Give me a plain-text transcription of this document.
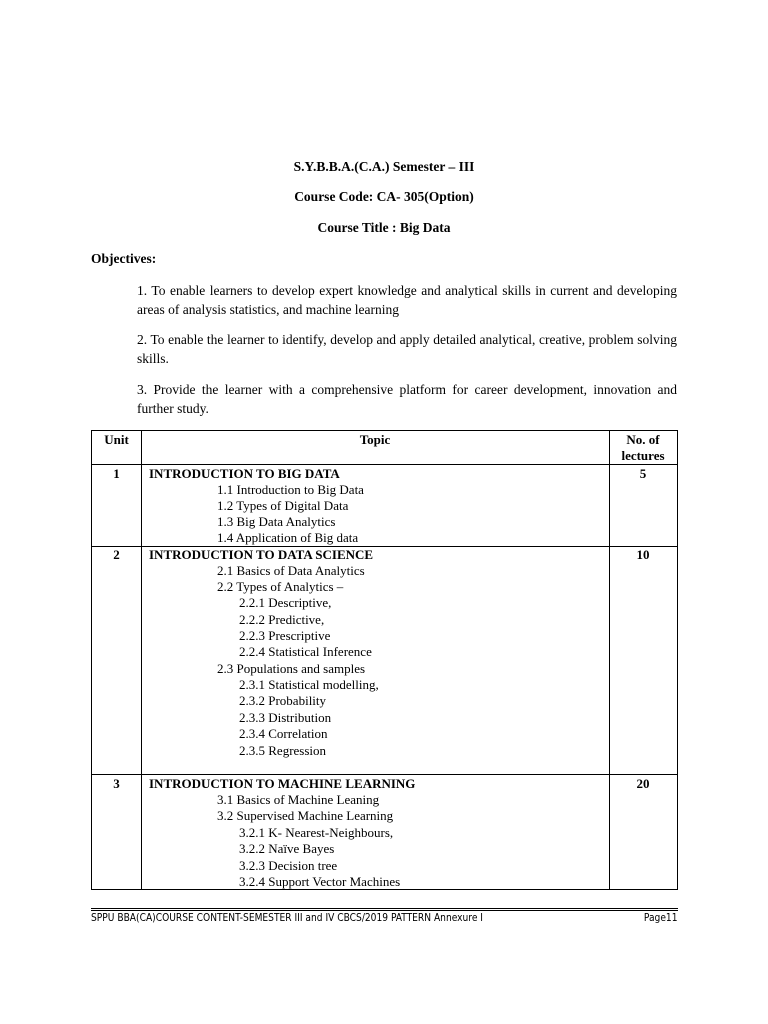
S.Y.B.B.A.(C.A.) Semester – III
Course Code: CA- 305(Option)
Course Title : Big Data
Objectives:
1. To enable learners to develop expert knowledge and analytical skills in current and developing areas of analysis statistics, and machine learning
2. To enable the learner to identify, develop and apply detailed analytical, creative, problem solving skills.
3. Provide the learner with a comprehensive platform for career development, innovation and further study.
Unit	Topic	No. of
lectures
1	INTRODUCTION TO BIG DATA	5
1.1 Introduction to Big Data
1.2 Types of Digital Data
1.3 Big Data Analytics
1.4 Application of Big data
2	INTRODUCTION TO DATA SCIENCE	10
2.1 Basics of Data Analytics
2.2 Types of Analytics –
2.2.1 Descriptive,
2.2.2 Predictive,
2.2.3 Prescriptive
2.2.4 Statistical Inference
2.3 Populations and samples
2.3.1 Statistical modelling,
2.3.2 Probability
2.3.3 Distribution
2.3.4 Correlation
2.3.5 Regression
3	INTRODUCTION TO MACHINE LEARNING	20
3.1 Basics of Machine Leaning
3.2 Supervised Machine Learning
3.2.1 K- Nearest-Neighbours,
3.2.2 Naïve Bayes
3.2.3 Decision tree
3.2.4 Support Vector Machines
SPPU BBA(CA)COURSE CONTENT-SEMESTER III and IV CBCS/2019 PATTERN Annexure I	Page11
